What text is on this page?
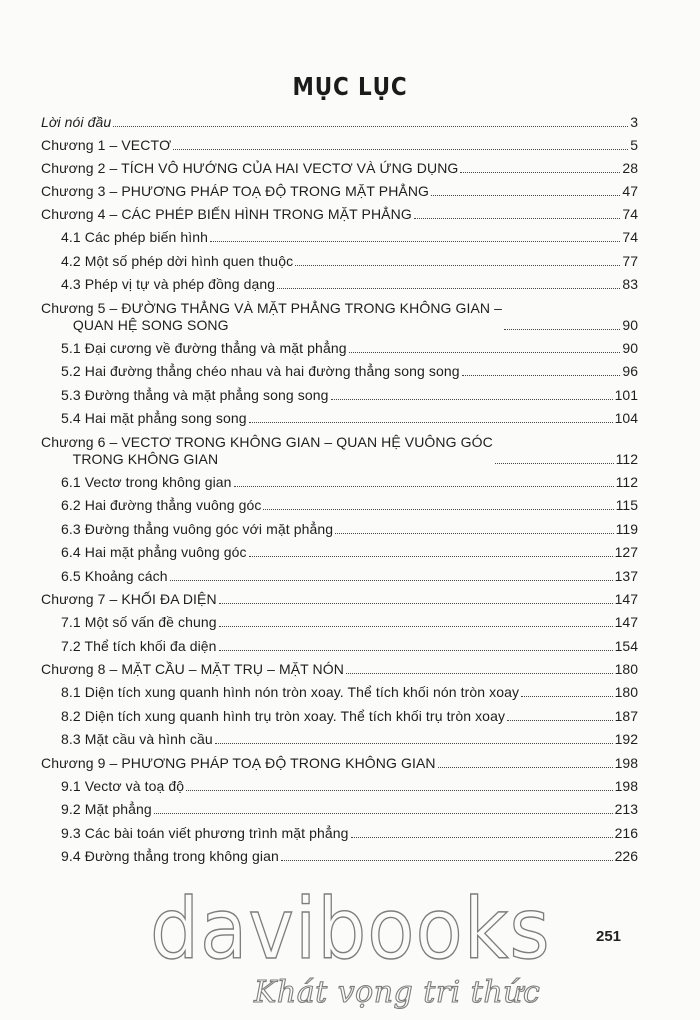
MỤC LỤC
Lời nói đầu	3
Chương 1 – VECTƠ	5
Chương 2 – TÍCH VÔ HƯỚNG CỦA HAI VECTƠ VÀ ỨNG DỤNG	28
Chương 3 – PHƯƠNG PHÁP TOẠ ĐỘ TRONG MẶT PHẲNG	47
Chương 4 – CÁC PHÉP BIẾN HÌNH TRONG MẶT PHẲNG	74
4.1 Các phép biến hình	74
4.2 Một số phép dời hình quen thuộc	77
4.3 Phép vị tự và phép đồng dạng	83
Chương 5 – ĐƯỜNG THẲNG VÀ MẶT PHẲNG TRONG KHÔNG GIAN –
QUAN HỆ SONG SONG	90
5.1 Đại cương về đường thẳng và mặt phẳng	90
5.2 Hai đường thẳng chéo nhau và hai đường thẳng song song	96
5.3 Đường thẳng và mặt phẳng song song	101
5.4 Hai mặt phẳng song song	104
Chương 6 – VECTƠ TRONG KHÔNG GIAN – QUAN HỆ VUÔNG GÓC
TRONG KHÔNG GIAN	112
6.1 Vectơ trong không gian	112
6.2 Hai đường thẳng vuông góc	115
6.3 Đường thẳng vuông góc với mặt phẳng	119
6.4 Hai mặt phẳng vuông góc	127
6.5 Khoảng cách	137
Chương 7 – KHỐI ĐA DIỆN	147
7.1 Một số vấn đề chung	147
7.2 Thể tích khối đa diện	154
Chương 8 – MẶT CẦU – MẶT TRỤ – MẶT NÓN	180
8.1 Diện tích xung quanh hình nón tròn xoay. Thể tích khối nón tròn xoay	180
8.2 Diện tích xung quanh hình trụ tròn xoay. Thể tích khối trụ tròn xoay	187
8.3 Mặt cầu và hình cầu	192
Chương 9 – PHƯƠNG PHÁP TOẠ ĐỘ TRONG KHÔNG GIAN	198
9.1 Vectơ và toạ độ	198
9.2 Mặt phẳng	213
9.3 Các bài toán viết phương trình mặt phẳng	216
9.4 Đường thẳng trong không gian	226
251
davibooks
Khát vọng tri thức
